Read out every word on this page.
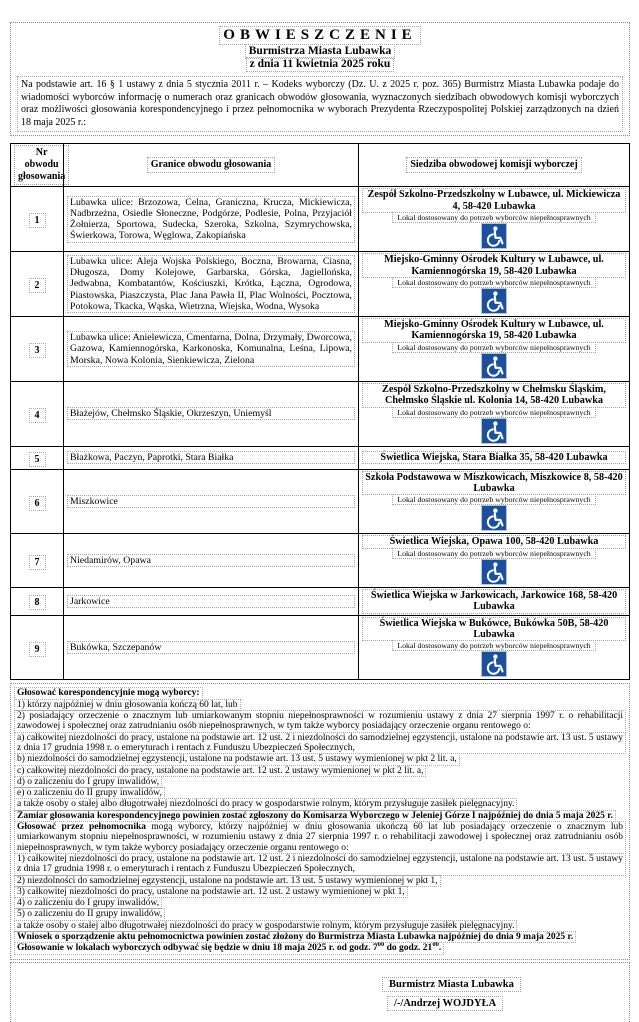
OBWIESZCZENIE
Burmistrza Miasta Lubawka
z dnia 11 kwietnia 2025 roku

Na podstawie art. 16 § 1 ustawy z dnia 5 stycznia 2011 r. – Kodeks wyborczy (Dz. U. z 2025 r. poz. 365) Burmistrz Miasta Lubawka podaje do wiadomości wyborców informację o numerach oraz granicach obwodów głosowania, wyznaczonych siedzibach obwodowych komisji wyborczych oraz możliwości głosowania korespondencyjnego i przez pełnomocnika w wyborach Prezydenta Rzeczypospolitej Polskiej zarządzonych na dzień 18 maja 2025 r.:

Nr obwodu głosowania	Granice obwodu głosowania	Siedziba obwodowej komisji wyborczej
1	Lubawka ulice: Brzozowa, Celna, Graniczna, Krucza, Mickiewicza, Nadbrzeżna, Osiedle Słoneczne, Podgórze, Podlesie, Polna, Przyjaciół Żołnierza, Sportowa, Sudecka, Szeroka, Szkolna, Szymrychowska, Świerkowa, Torowa, Węglowa, Zakopiańska	Zespół Szkolno-Przedszkolny w Lubawce, ul. Mickiewicza 4, 58-420 Lubawka
Lokal dostosowany do potrzeb wyborców niepełnosprawnych

2	Lubawka ulice: Aleja Wojska Polskiego, Boczna, Browarna, Ciasna, Długosza, Domy Kolejowe, Garbarska, Górska, Jagiellońska, Jedwabna, Kombatantów, Kościuszki, Krótka, Łączna, Ogrodowa, Piastowska, Piaszczysta, Plac Jana Pawła II, Plac Wolności, Pocztowa, Potokowa, Tkacka, Wąska, Wietrzna, Wiejska, Wodna, Wysoka	Miejsko-Gminny Ośrodek Kultury w Lubawce, ul. Kamiennogórska 19, 58-420 Lubawka
Lokal dostosowany do potrzeb wyborców niepełnosprawnych

3	Lubawka ulice: Anielewicza, Cmentarna, Dolna, Drzymały, Dworcowa, Gazowa, Kamiennogórska, Karkonoska, Komunalna, Leśna, Lipowa, Morska, Nowa Kolonia, Sienkiewicza, Zielona	Miejsko-Gminny Ośrodek Kultury w Lubawce, ul. Kamiennogórska 19, 58-420 Lubawka
Lokal dostosowany do potrzeb wyborców niepełnosprawnych

4	Błażejów, Chełmsko Śląskie, Okrzeszyn, Uniemyśl	Zespół Szkolno-Przedszkolny w Chełmsku Śląskim, Chełmsko Śląskie ul. Kolonia 14, 58-420 Lubawka
Lokal dostosowany do potrzeb wyborców niepełnosprawnych

5	Błażkowa, Paczyn, Paprotki, Stara Białka	Świetlica Wiejska, Stara Białka 35, 58-420 Lubawka

6	Miszkowice	Szkoła Podstawowa w Miszkowicach, Miszkowice 8, 58-420 Lubawka
Lokal dostosowany do potrzeb wyborców niepełnosprawnych

7	Niedamirów, Opawa	Świetlica Wiejska, Opawa 100, 58-420 Lubawka
Lokal dostosowany do potrzeb wyborców niepełnosprawnych

8	Jarkowice	Świetlica Wiejska w Jarkowicach, Jarkowice 168, 58-420 Lubawka

9	Bukówka, Szczepanów	Świetlica Wiejska w Bukówce, Bukówka 50B, 58-420 Lubawka
Lokal dostosowany do potrzeb wyborców niepełnosprawnych
Głosować korespondencyjnie mogą wyborcy:
1) którzy najpóźniej w dniu głosowania kończą 60 lat, lub
2) posiadający orzeczenie o znacznym lub umiarkowanym stopniu niepełnosprawności w rozumieniu ustawy z dnia 27 sierpnia 1997 r. o rehabilitacji zawodowej i społecznej oraz zatrudnianiu osób niepełnosprawnych, w tym także wyborcy posiadający orzeczenie organu rentowego o:
a) całkowitej niezdolności do pracy, ustalone na podstawie art. 12 ust. 2 i niezdolności do samodzielnej egzystencji, ustalone na podstawie art. 13 ust. 5 ustawy z dnia 17 grudnia 1998 r. o emeryturach i rentach z Funduszu Ubezpieczeń Społecznych,
b) niezdolności do samodzielnej egzystencji, ustalone na podstawie art. 13 ust. 5 ustawy wymienionej w pkt 2 lit. a,
c) całkowitej niezdolności do pracy, ustalone na podstawie art. 12 ust. 2 ustawy wymienionej w pkt 2 lit. a,
d) o zaliczeniu do I grupy inwalidów,
e) o zaliczeniu do II grupy inwalidów,
a także osoby o stałej albo długotrwałej niezdolności do pracy w gospodarstwie rolnym, którym przysługuje zasiłek pielęgnacyjny.
Zamiar głosowania korespondencyjnego powinien zostać zgłoszony do Komisarza Wyborczego w Jeleniej Górze I najpóźniej do dnia 5 maja 2025 r.
Głosować przez pełnomocnika mogą wyborcy, którzy najpóźniej w dniu głosowania ukończą 60 lat lub posiadający orzeczenie o znacznym lub umiarkowanym stopniu niepełnosprawności, w rozumieniu ustawy z dnia 27 sierpnia 1997 r. o rehabilitacji zawodowej i społecznej oraz zatrudnianiu osób niepełnosprawnych, w tym także wyborcy posiadający orzeczenie organu rentowego o:
1) całkowitej niezdolności do pracy, ustalone na podstawie art. 12 ust. 2 i niezdolności do samodzielnej egzystencji, ustalone na podstawie art. 13 ust. 5 ustawy z dnia 17 grudnia 1998 r. o emeryturach i rentach z Funduszu Ubezpieczeń Społecznych,
2) niezdolności do samodzielnej egzystencji, ustalone na podstawie art. 13 ust. 5 ustawy wymienionej w pkt 1,
3) całkowitej niezdolności do pracy, ustalone na podstawie art. 12 ust. 2 ustawy wymienionej w pkt 1,
4) o zaliczeniu do I grupy inwalidów,
5) o zaliczeniu do II grupy inwalidów,
a także osoby o stałej albo długotrwałej niezdolności do pracy w gospodarstwie rolnym, którym przysługuje zasiłek pielęgnacyjny.
Wniosek o sporządzenie aktu pełnomocnictwa powinien zostać złożony do Burmistrza Miasta Lubawka najpóźniej do dnia 9 maja 2025 r.
Głosowanie w lokalach wyborczych odbywać się będzie w dniu 18 maja 2025 r. od godz. $7^{00}$ do godz. $21^{00}$.
Burmistrz Miasta Lubawka
/-/Andrzej WOJDYŁA
